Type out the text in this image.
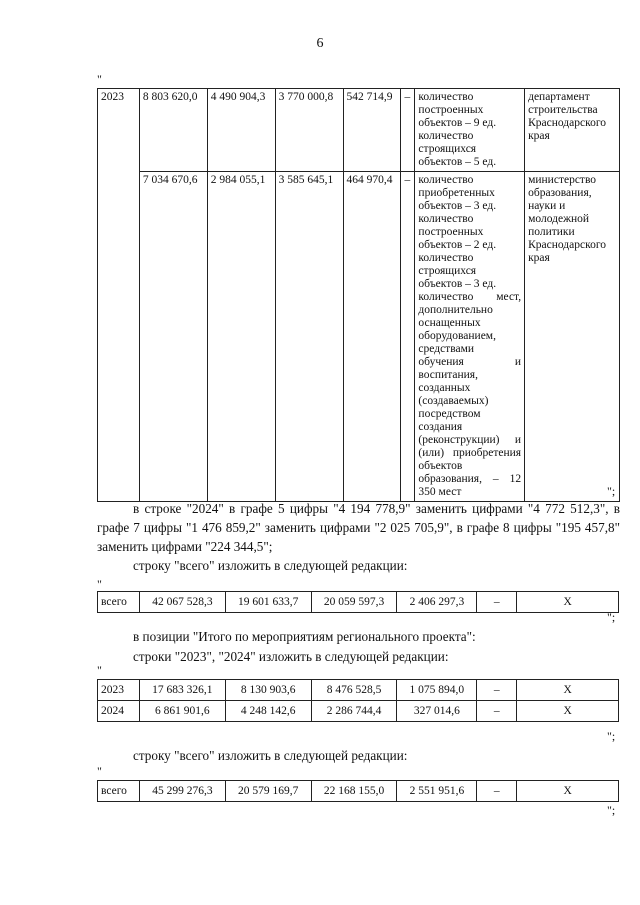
6
"
2023	8 803 620,0	4 490 904,3	3 770 000,8	542 714,9	–	количество построенных объектов – 9 ед.
количество строящихся объектов – 5 ед.	департамент строительства Краснодарского края
	7 034 670,6	2 984 055,1	3 585 645,1	464 970,4	–	количество приобретенных объектов – 3 ед.
количество построенных объектов – 2 ед.
количество строящихся объектов – 3 ед.
количество мест, дополнительно оснащенных оборудованием, средствами обучения и воспитания, созданных (создаваемых) посредством создания (реконструкции) и (или) приобретения объектов образования, – 12 350 мест	министерство образования, науки и молодежной политики Краснодарского края
";
в строке "2024" в графе 5 цифры "4 194 778,9" заменить цифрами "4 772 512,3", в графе 7 цифры "1 476 859,2" заменить цифрами "2 025 705,9", в графе 8 цифры "195 457,8" заменить цифрами "224 344,5";
строку "всего" изложить в следующей редакции:
"
всего	42 067 528,3	19 601 633,7	20 059 597,3	2 406 297,3	–	X
";
в позиции "Итого по мероприятиям регионального проекта":
строки "2023", "2024" изложить в следующей редакции:
"
2023	17 683 326,1	8 130 903,6	8 476 528,5	1 075 894,0	–	X
2024	6 861 901,6	4 248 142,6	2 286 744,4	327 014,6	–	X
";
строку "всего" изложить в следующей редакции:
"
всего	45 299 276,3	20 579 169,7	22 168 155,0	2 551 951,6	–	X
";
